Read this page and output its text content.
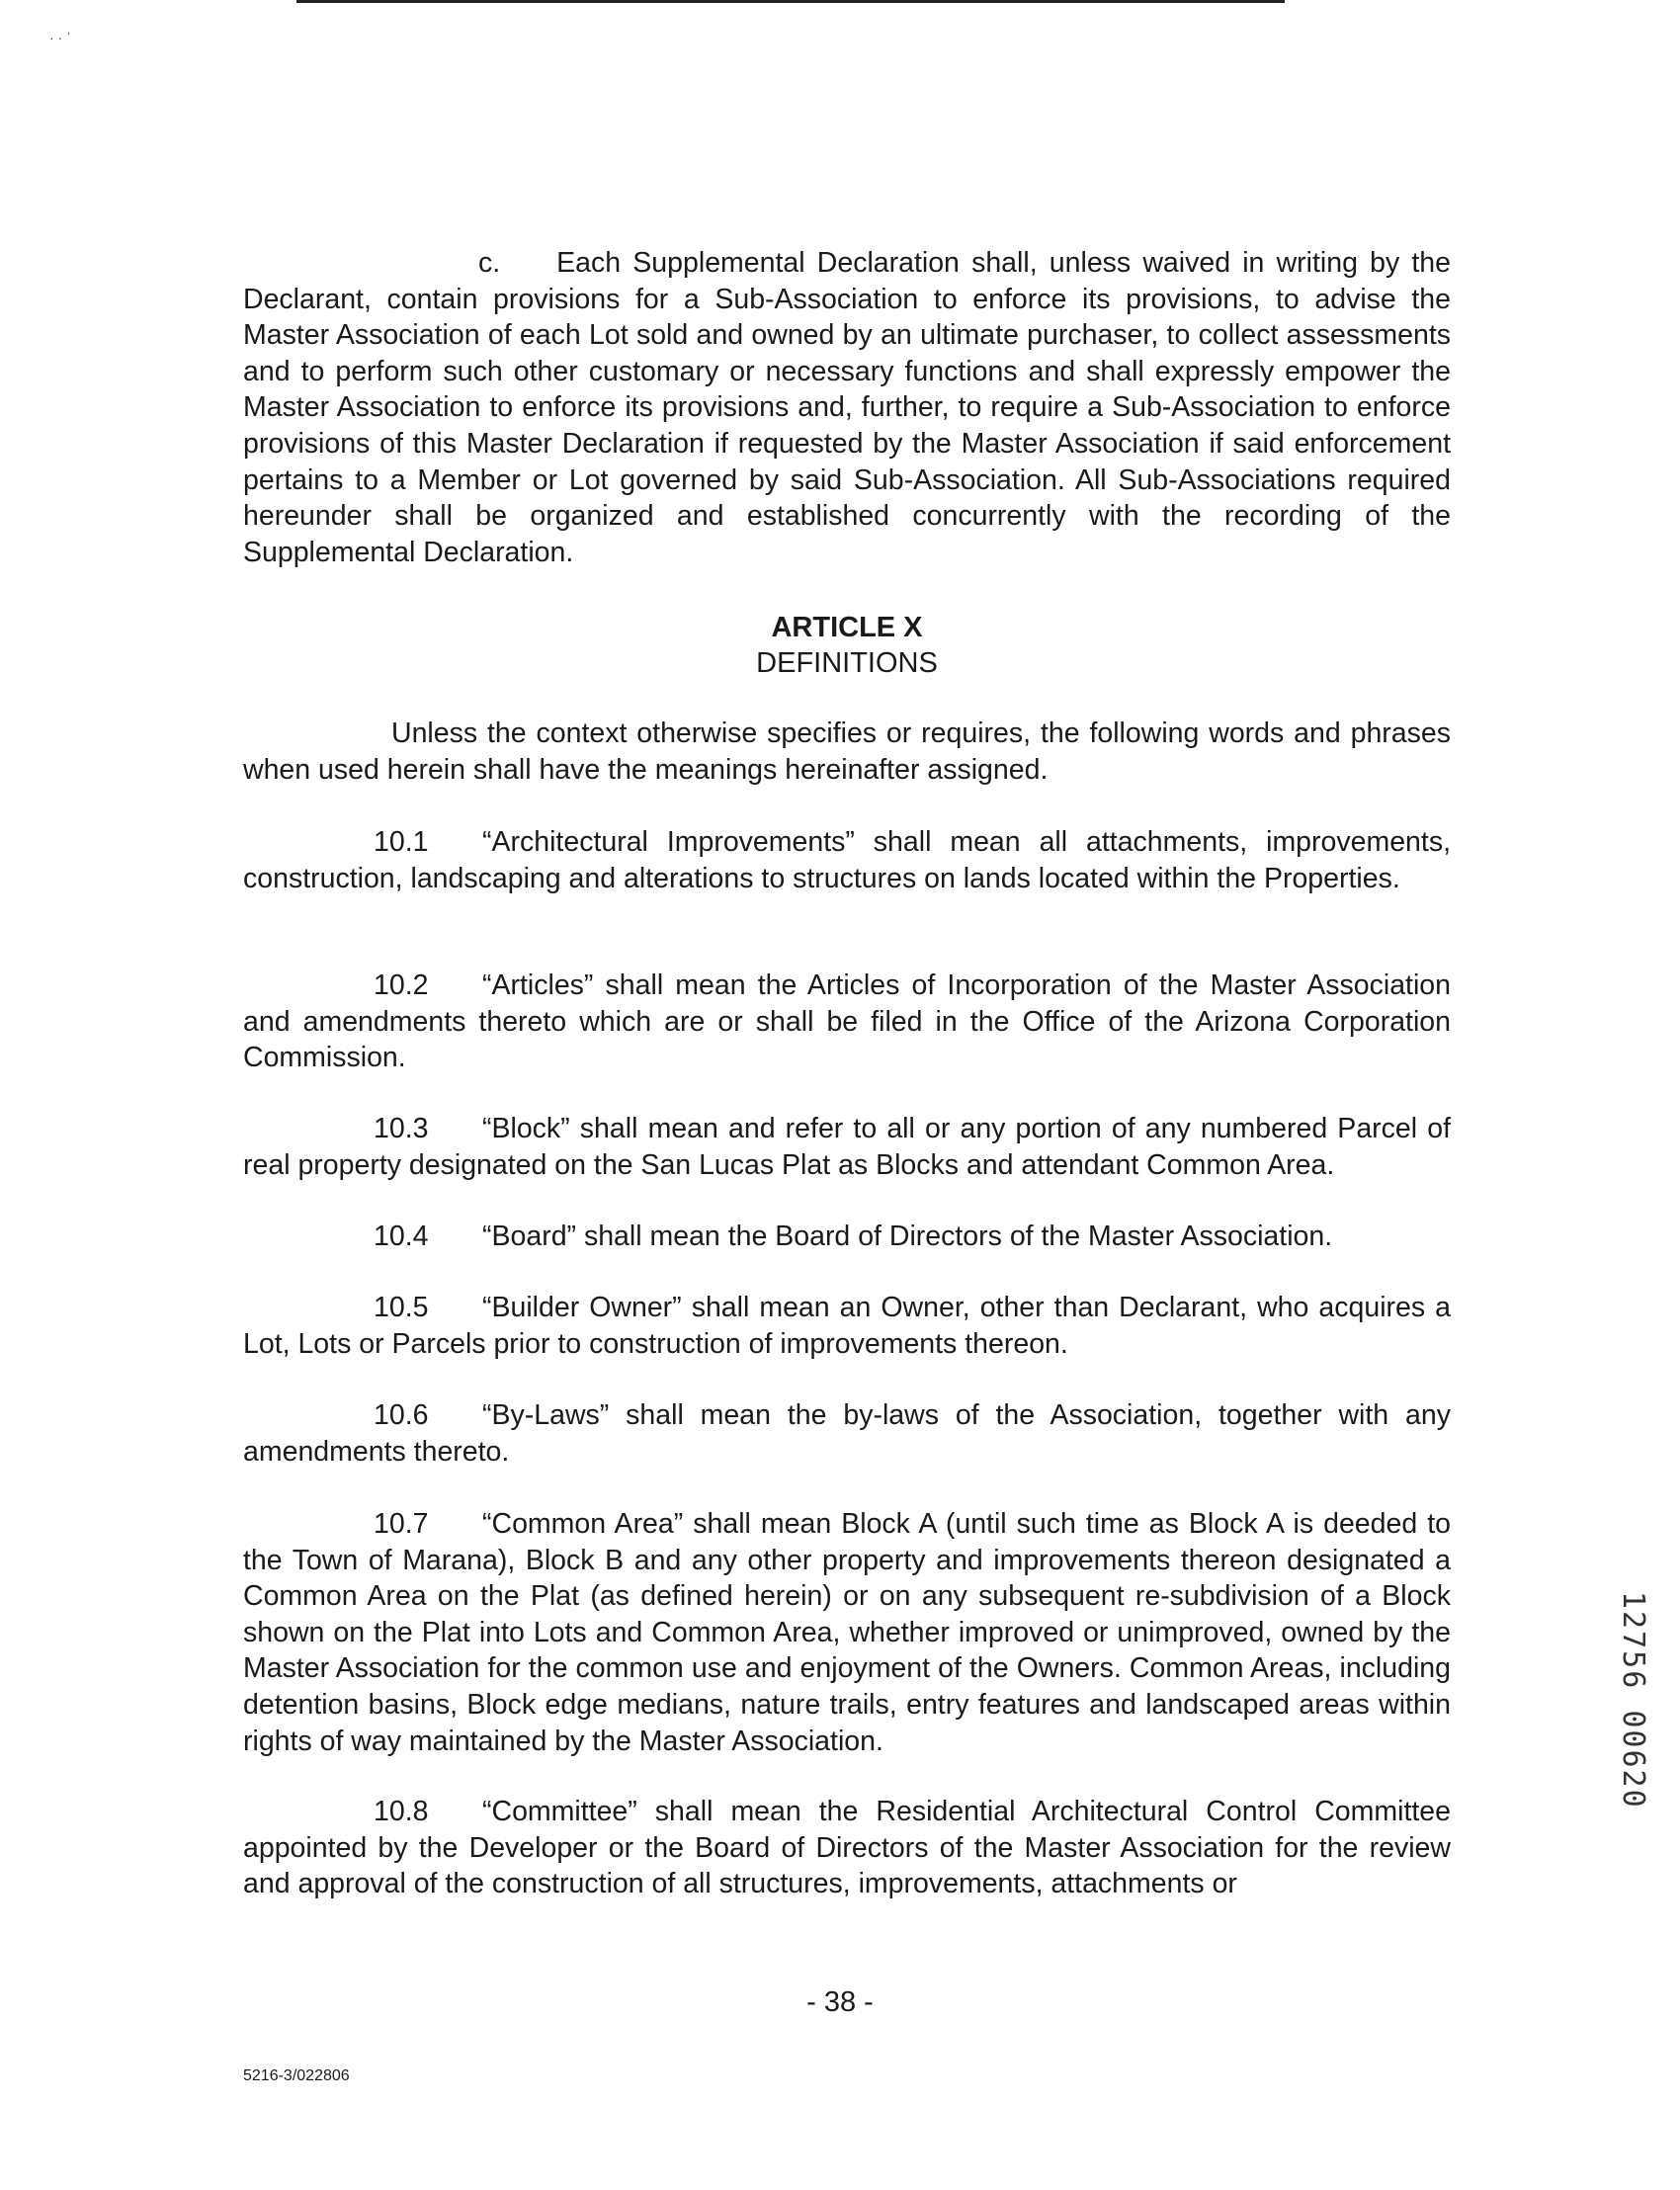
· · ˈ

c.  Each Supplemental Declaration shall, unless waived in writing by the Declarant, contain provisions for a Sub-Association to enforce its provisions, to advise the Master Association of each Lot sold and owned by an ultimate purchaser, to collect assessments and to perform such other customary or necessary functions and shall expressly empower the Master Association to enforce its provisions and, further, to require a Sub-Association to enforce provisions of this Master Declaration if requested by the Master Association if said enforcement pertains to a Member or Lot governed by said Sub-Association. All Sub-Associations required hereunder shall be organized and established concurrently with the recording of the Supplemental Declaration.

ARTICLE X
DEFINITIONS

Unless the context otherwise specifies or requires, the following words and phrases when used herein shall have the meanings hereinafter assigned.

10.1 “Architectural Improvements” shall mean all attachments, improvements, construction, landscaping and alterations to structures on lands located within the Properties.

10.2 “Articles” shall mean the Articles of Incorporation of the Master Association and amendments thereto which are or shall be filed in the Office of the Arizona Corporation Commission.

10.3 “Block” shall mean and refer to all or any portion of any numbered Parcel of real property designated on the San Lucas Plat as Blocks and attendant Common Area.

10.4 “Board” shall mean the Board of Directors of the Master Association.

10.5 “Builder Owner” shall mean an Owner, other than Declarant, who acquires a Lot, Lots or Parcels prior to construction of improvements thereon.

10.6 “By-Laws” shall mean the by-laws of the Association, together with any amendments thereto.

10.7 “Common Area” shall mean Block A (until such time as Block A is deeded to the Town of Marana), Block B and any other property and improvements thereon designated a Common Area on the Plat (as defined herein) or on any subsequent re-subdivision of a Block shown on the Plat into Lots and Common Area, whether improved or unimproved, owned by the Master Association for the common use and enjoyment of the Owners. Common Areas, including detention basins, Block edge medians, nature trails, entry features and landscaped areas within rights of way maintained by the Master Association.

10.8 “Committee” shall mean the Residential Architectural Control Committee appointed by the Developer or the Board of Directors of the Master Association for the review and approval of the construction of all structures, improvements, attachments or

12756 00620
- 38 -
5216-3/022806
